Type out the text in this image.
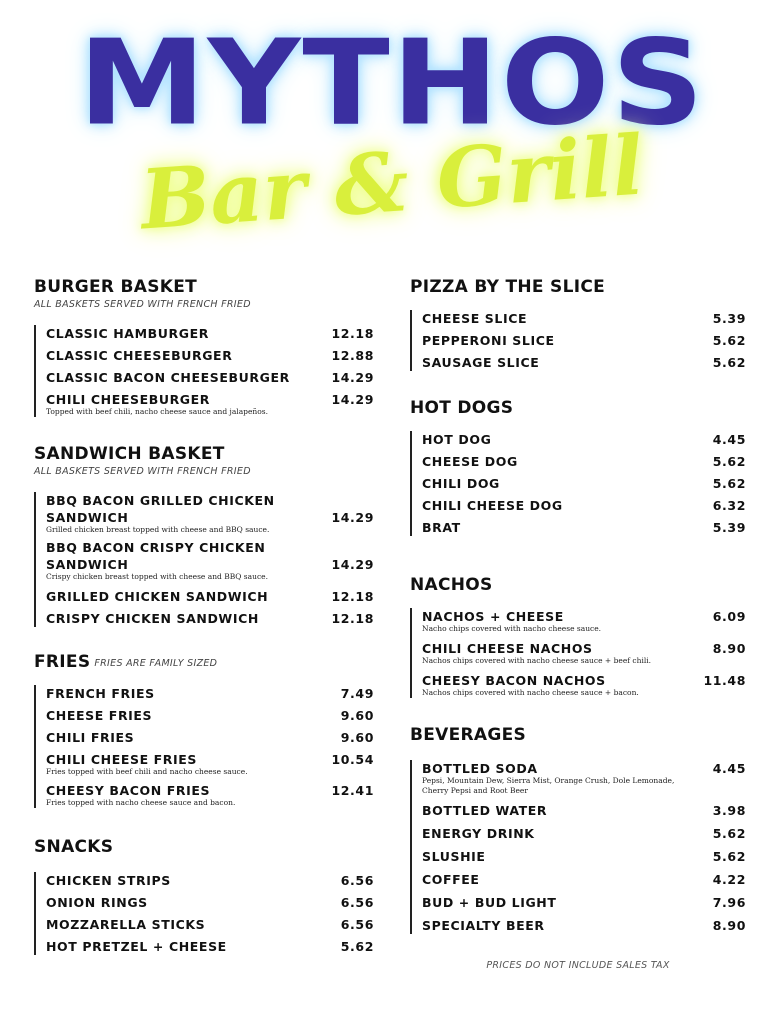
MYTHOS
Bar & Grill
BURGER BASKET
ALL BASKETS SERVED WITH FRENCH FRIED
CLASSIC HAMBURGER	12.18
CLASSIC CHEESEBURGER	12.88
CLASSIC BACON CHEESEBURGER	14.29
CHILI CHEESEBURGER	14.29
Topped with beef chili, nacho cheese sauce and jalapeños.
SANDWICH BASKET
ALL BASKETS SERVED WITH FRENCH FRIED
BBQ BACON GRILLED CHICKEN SANDWICH	14.29
Grilled chicken breast topped with cheese and BBQ sauce.
BBQ BACON CRISPY CHICKEN SANDWICH	14.29
Crispy chicken breast topped with cheese and BBQ sauce.
GRILLED CHICKEN SANDWICH	12.18
CRISPY CHICKEN SANDWICH	12.18
FRIES FRIES ARE FAMILY SIZED
FRENCH FRIES	7.49
CHEESE FRIES	9.60
CHILI FRIES	9.60
CHILI CHEESE FRIES	10.54
Fries topped with beef chili and nacho cheese sauce.
CHEESY BACON FRIES	12.41
Fries topped with nacho cheese sauce and bacon.
SNACKS
CHICKEN STRIPS	6.56
ONION RINGS	6.56
MOZZARELLA STICKS	6.56
HOT PRETZEL + CHEESE	5.62
PIZZA BY THE SLICE
CHEESE SLICE	5.39
PEPPERONI SLICE	5.62
SAUSAGE SLICE	5.62
HOT DOGS
HOT DOG	4.45
CHEESE DOG	5.62
CHILI DOG	5.62
CHILI CHEESE DOG	6.32
BRAT	5.39
NACHOS
NACHOS + CHEESE	6.09
Nacho chips covered with nacho cheese sauce.
CHILI CHEESE NACHOS	8.90
Nachos chips covered with nacho cheese sauce + beef chili.
CHEESY BACON NACHOS	11.48
Nachos chips covered with nacho cheese sauce + bacon.
BEVERAGES
BOTTLED SODA	4.45
Pepsi, Mountain Dew, Sierra Mist, Orange Crush, Dole Lemonade, Cherry Pepsi and Root Beer
BOTTLED WATER	3.98
ENERGY DRINK	5.62
SLUSHIE	5.62
COFFEE	4.22
BUD + BUD LIGHT	7.96
SPECIALTY BEER	8.90
PRICES DO NOT INCLUDE SALES TAX
